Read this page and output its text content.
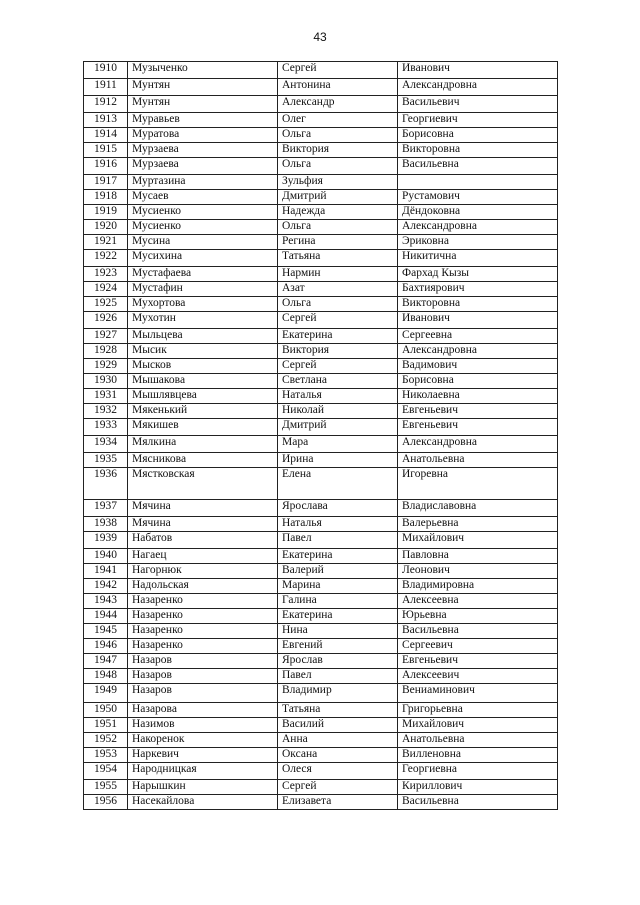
43
1910	Музыченко	Сергей	Иванович
1911	Мунтян	Антонина	Александровна
1912	Мунтян	Александр	Васильевич
1913	Муравьев	Олег	Георгиевич
1914	Муратова	Ольга	Борисовна
1915	Мурзаева	Виктория	Викторовна
1916	Мурзаева	Ольга	Васильевна
1917	Муртазина	Зульфия	
1918	Мусаев	Дмитрий	Рустамович
1919	Мусиенко	Надежда	Дёндоковна
1920	Мусиенко	Ольга	Александровна
1921	Мусина	Регина	Эриковна
1922	Мусихина	Татьяна	Никитична
1923	Мустафаева	Нармин	Фархад Кызы
1924	Мустафин	Азат	Бахтиярович
1925	Мухортова	Ольга	Викторовна
1926	Мухотин	Сергей	Иванович
1927	Мыльцева	Екатерина	Сергеевна
1928	Мысик	Виктория	Александровна
1929	Мысков	Сергей	Вадимович
1930	Мышакова	Светлана	Борисовна
1931	Мышлявцева	Наталья	Николаевна
1932	Мякенький	Николай	Евгеньевич
1933	Мякишев	Дмитрий	Евгеньевич
1934	Мялкина	Мара	Александровна
1935	Мясникова	Ирина	Анатольевна
1936	Мястковская	Елена	Игоревна
1937	Мячина	Ярослава	Владиславовна
1938	Мячина	Наталья	Валерьевна
1939	Набатов	Павел	Михайлович
1940	Нагаец	Екатерина	Павловна
1941	Нагорнюк	Валерий	Леонович
1942	Надольская	Марина	Владимировна
1943	Назаренко	Галина	Алексеевна
1944	Назаренко	Екатерина	Юрьевна
1945	Назаренко	Нина	Васильевна
1946	Назаренко	Евгений	Сергеевич
1947	Назаров	Ярослав	Евгеньевич
1948	Назаров	Павел	Алексеевич
1949	Назаров	Владимир	Вениаминович
1950	Назарова	Татьяна	Григорьевна
1951	Назимов	Василий	Михайлович
1952	Накоренок	Анна	Анатольевна
1953	Наркевич	Оксана	Вилленовна
1954	Народницкая	Олеся	Георгиевна
1955	Нарышкин	Сергей	Кириллович
1956	Насекайлова	Елизавета	Васильевна
